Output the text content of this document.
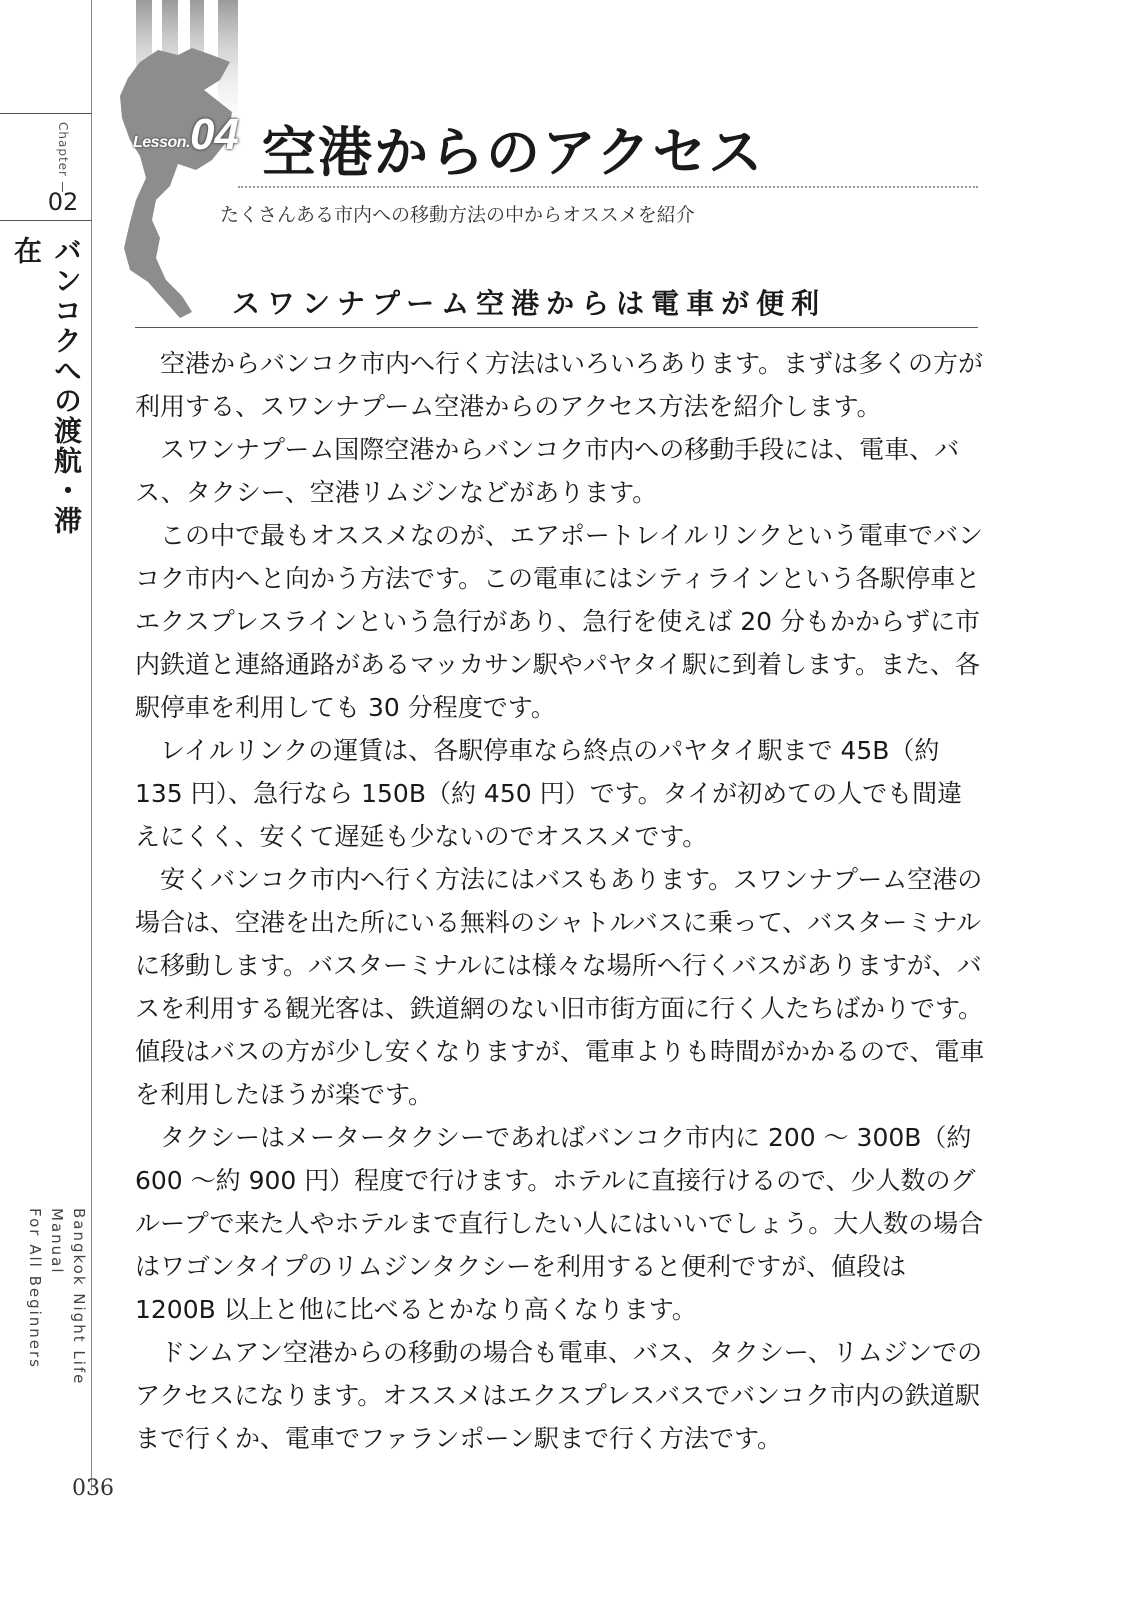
Chapter
02
バンコクへの渡航・滞在
Bangkok Night Life Manual
For All Beginners
036
Lesson. 04 空港からのアクセス
たくさんある市内への移動方法の中からオススメを紹介
スワンナプーム空港からは電車が便利

空港からバンコク市内へ行く方法はいろいろあります。まずは多くの方が利用する、スワンナプーム空港からのアクセス方法を紹介します。

スワンナプーム国際空港からバンコク市内への移動手段には、電車、バス、タクシー、空港リムジンなどがあります。

この中で最もオススメなのが、エアポートレイルリンクという電車でバンコク市内へと向かう方法です。この電車にはシティラインという各駅停車とエクスプレスラインという急行があり、急行を使えば 20 分もかからずに市内鉄道と連絡通路があるマッカサン駅やパヤタイ駅に到着します。また、各駅停車を利用しても 30 分程度です。

レイルリンクの運賃は、各駅停車なら終点のパヤタイ駅まで 45B（約 135 円）、急行なら 150B（約 450 円）です。タイが初めての人でも間違えにくく、安くて遅延も少ないのでオススメです。

安くバンコク市内へ行く方法にはバスもあります。スワンナプーム空港の場合は、空港を出た所にいる無料のシャトルバスに乗って、バスターミナルに移動します。バスターミナルには様々な場所へ行くバスがありますが、バスを利用する観光客は、鉄道網のない旧市街方面に行く人たちばかりです。値段はバスの方が少し安くなりますが、電車よりも時間がかかるので、電車を利用したほうが楽です。

タクシーはメータータクシーであればバンコク市内に 200 ～ 300B（約 600 ～約 900 円）程度で行けます。ホテルに直接行けるので、少人数のグループで来た人やホテルまで直行したい人にはいいでしょう。大人数の場合はワゴンタイプのリムジンタクシーを利用すると便利ですが、値段は 1200B 以上と他に比べるとかなり高くなります。

ドンムアン空港からの移動の場合も電車、バス、タクシー、リムジンでのアクセスになります。オススメはエクスプレスバスでバンコク市内の鉄道駅まで行くか、電車でファランポーン駅まで行く方法です。
